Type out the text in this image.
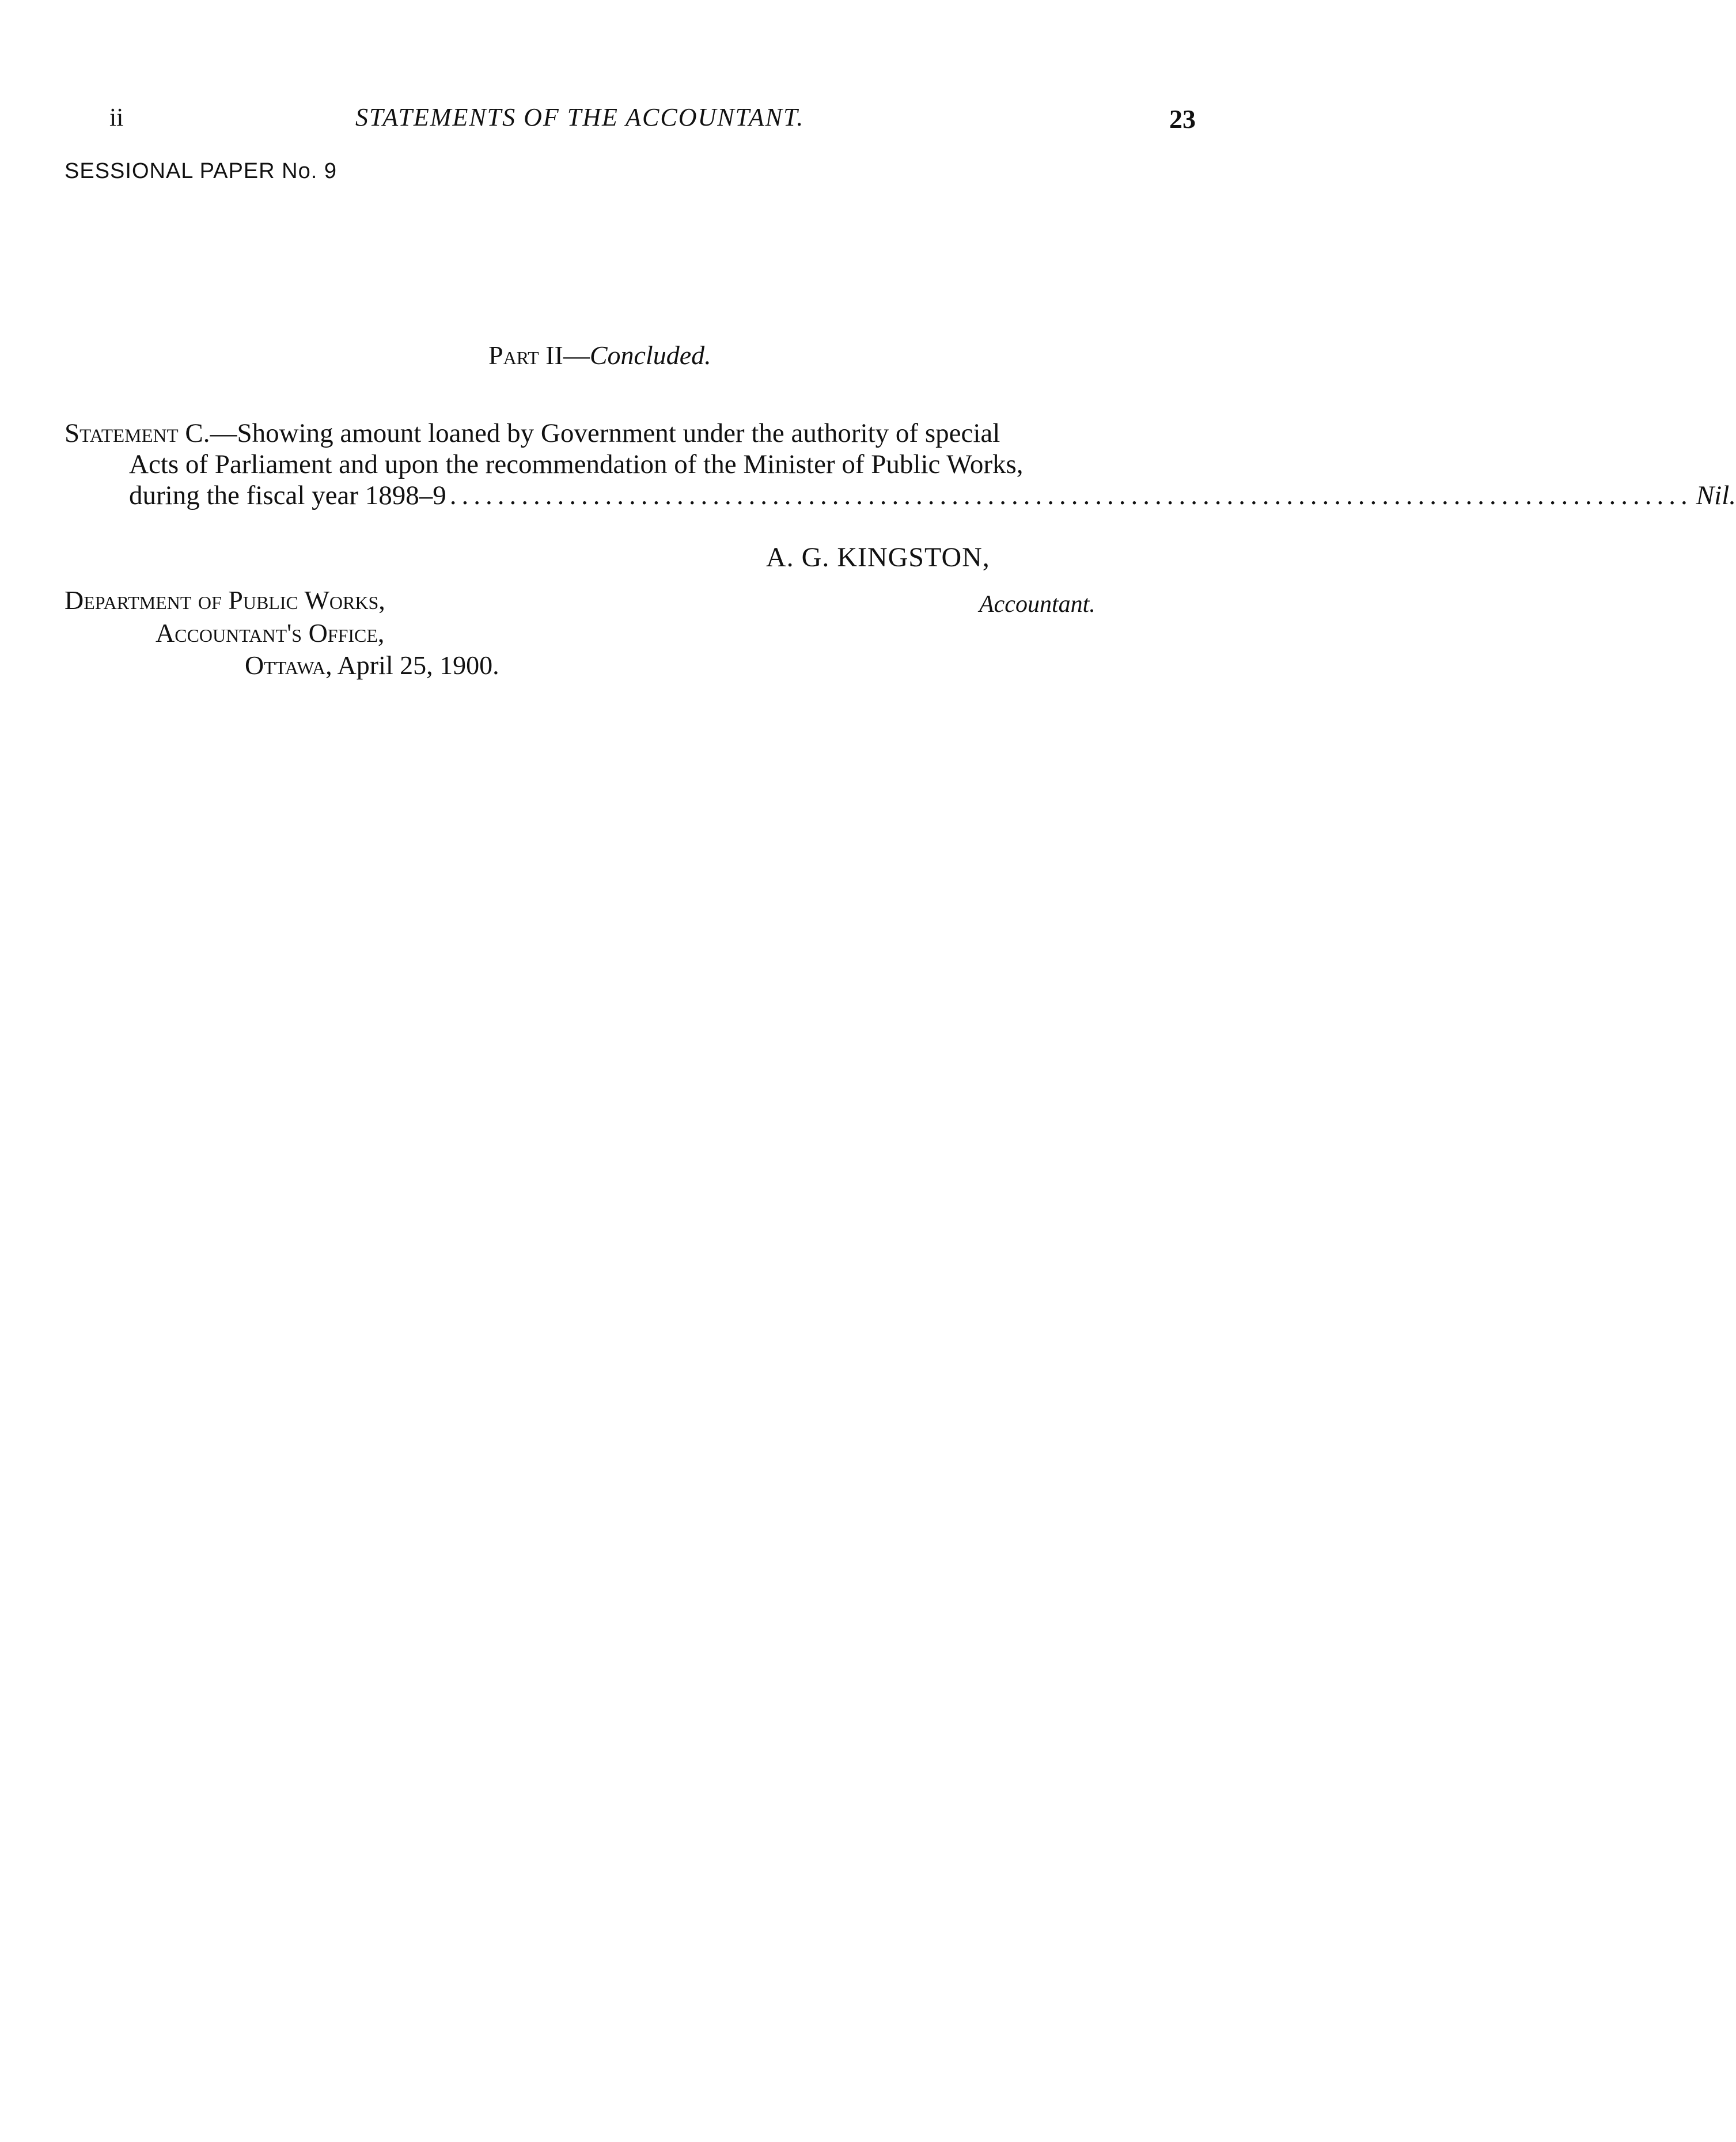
ii	STATEMENTS OF THE ACCOUNTANT.	23
SESSIONAL PAPER No. 9
Part II—Concluded.
Statement C.—Showing amount loaned by Government under the authority of special
Acts of Parliament and upon the recommendation of the Minister of Public Works,
during the fiscal year 1898–9 ........................................................................................................ Nil.
A. G. KINGSTON,
Accountant.
Department of Public Works,
Accountant's Office,
Ottawa, April 25, 1900.
